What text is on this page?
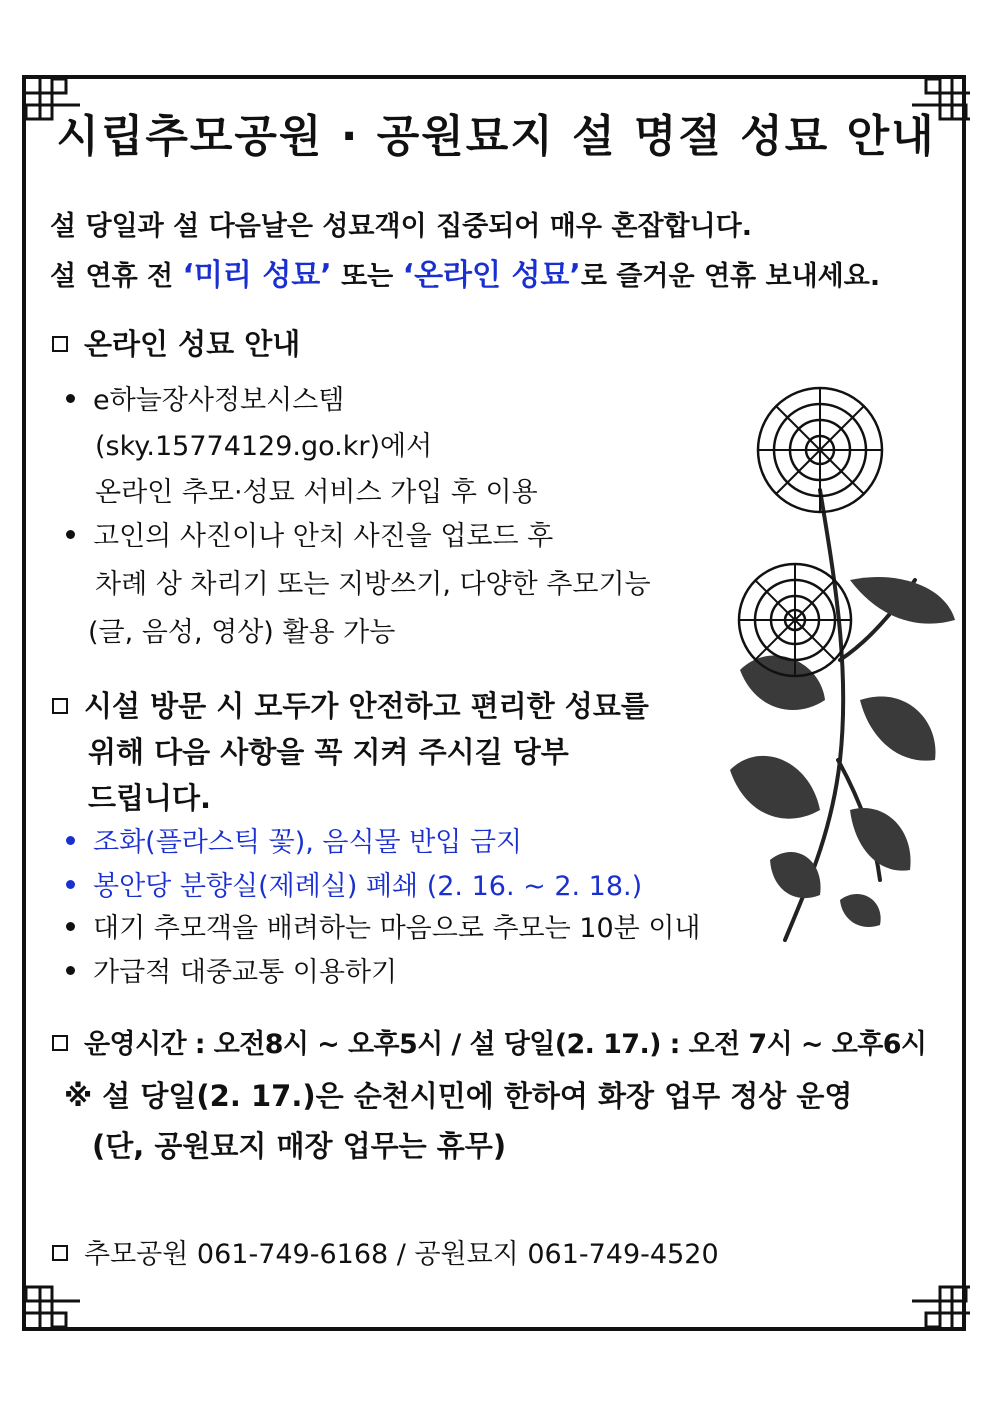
시립추모공원 · 공원묘지 설 명절 성묘 안내

설 당일과 설 다음날은 성묘객이 집중되어 매우 혼잡합니다.

설 연휴 전 ‘미리 성묘’ 또는 ‘온라인 성묘’로 즐거운 연휴 보내세요.

온라인 성묘 안내

e하늘장사정보시스템

(sky.15774129.go.kr)에서

온라인 추모·성묘 서비스 가입 후 이용

고인의 사진이나 안치 사진을 업로드 후

차례 상 차리기 또는 지방쓰기, 다양한 추모기능

(글, 음성, 영상) 활용 가능

시설 방문 시 모두가 안전하고 편리한 성묘를

위해 다음 사항을 꼭 지켜 주시길 당부

드립니다.

조화(플라스틱 꽃), 음식물 반입 금지

봉안당 분향실(제례실) 폐쇄 (2. 16. ~ 2. 18.)

대기 추모객을 배려하는 마음으로 추모는 10분 이내

가급적 대중교통 이용하기

운영시간 : 오전8시 ~ 오후5시 / 설 당일(2. 17.) : 오전 7시 ~ 오후6시

※ 설 당일(2. 17.)은 순천시민에 한하여 화장 업무 정상 운영

(단, 공원묘지 매장 업무는 휴무)

추모공원 061-749-6168 / 공원묘지 061-749-4520
